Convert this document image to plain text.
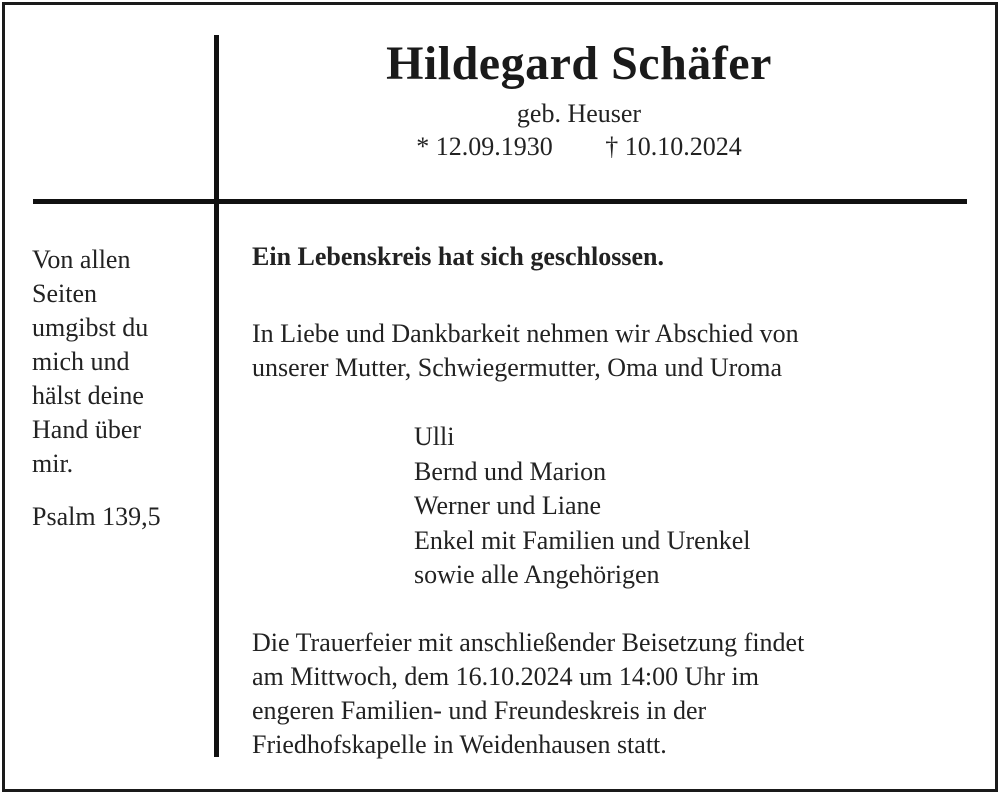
Hildegard Schäfer
geb. Heuser
* 12.09.1930 † 10.10.2024
Von allen
Seiten
umgibst du
mich und
hälst deine
Hand über
mir.
Psalm 139,5
Ein Lebenskreis hat sich geschlossen.
In Liebe und Dankbarkeit nehmen wir Abschied von
unserer Mutter, Schwiegermutter, Oma und Uroma
Ulli
Bernd und Marion
Werner und Liane
Enkel mit Familien und Urenkel
sowie alle Angehörigen
Die Trauerfeier mit anschließender Beisetzung findet
am Mittwoch, dem 16.10.2024 um 14:00 Uhr im
engeren Familien- und Freundeskreis in der
Friedhofskapelle in Weidenhausen statt.
